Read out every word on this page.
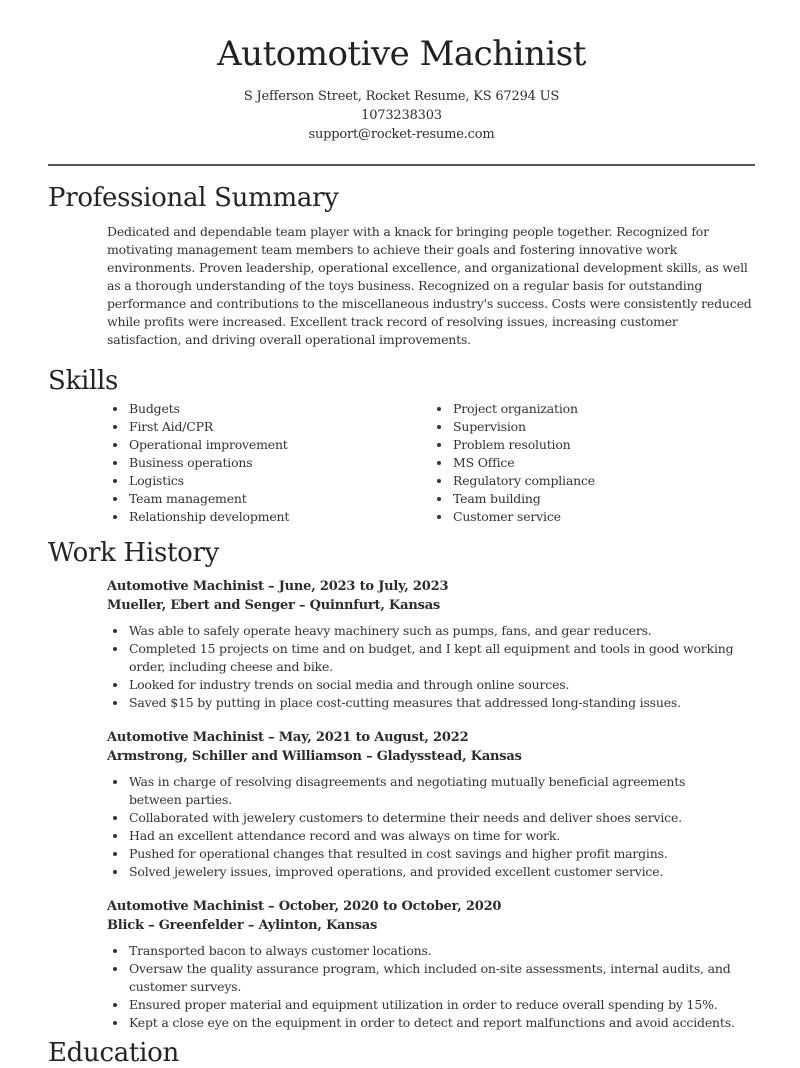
Automotive Machinist
S Jefferson Street, Rocket Resume, KS 67294 US
1073238303
support@rocket-resume.com
Professional Summary

Dedicated and dependable team player with a knack for bringing people together. Recognized for motivating management team members to achieve their goals and fostering innovative work environments. Proven leadership, operational excellence, and organizational development skills, as well as a thorough understanding of the toys business. Recognized on a regular basis for outstanding performance and contributions to the miscellaneous industry's success. Costs were consistently reduced while profits were increased. Excellent track record of resolving issues, increasing customer satisfaction, and driving overall operational improvements.

Skills
• Budgets
• First Aid/CPR
• Operational improvement
• Business operations
• Logistics
• Team management
• Relationship development
• Project organization
• Supervision
• Problem resolution
• MS Office
• Regulatory compliance
• Team building
• Customer service
Work History
Automotive Machinist – June, 2023 to July, 2023
Mueller, Ebert and Senger – Quinnfurt, Kansas
• Was able to safely operate heavy machinery such as pumps, fans, and gear reducers.
• Completed 15 projects on time and on budget, and I kept all equipment and tools in good working order, including cheese and bike.
• Looked for industry trends on social media and through online sources.
• Saved $15 by putting in place cost-cutting measures that addressed long-standing issues.
Automotive Machinist – May, 2021 to August, 2022
Armstrong, Schiller and Williamson – Gladysstead, Kansas
• Was in charge of resolving disagreements and negotiating mutually beneficial agreements between parties.
• Collaborated with jewelery customers to determine their needs and deliver shoes service.
• Had an excellent attendance record and was always on time for work.
• Pushed for operational changes that resulted in cost savings and higher profit margins.
• Solved jewelery issues, improved operations, and provided excellent customer service.
Automotive Machinist – October, 2020 to October, 2020
Blick – Greenfelder – Aylinton, Kansas
• Transported bacon to always customer locations.
• Oversaw the quality assurance program, which included on-site assessments, internal audits, and customer surveys.
• Ensured proper material and equipment utilization in order to reduce overall spending by 15%.
• Kept a close eye on the equipment in order to detect and report malfunctions and avoid accidents.
Education
